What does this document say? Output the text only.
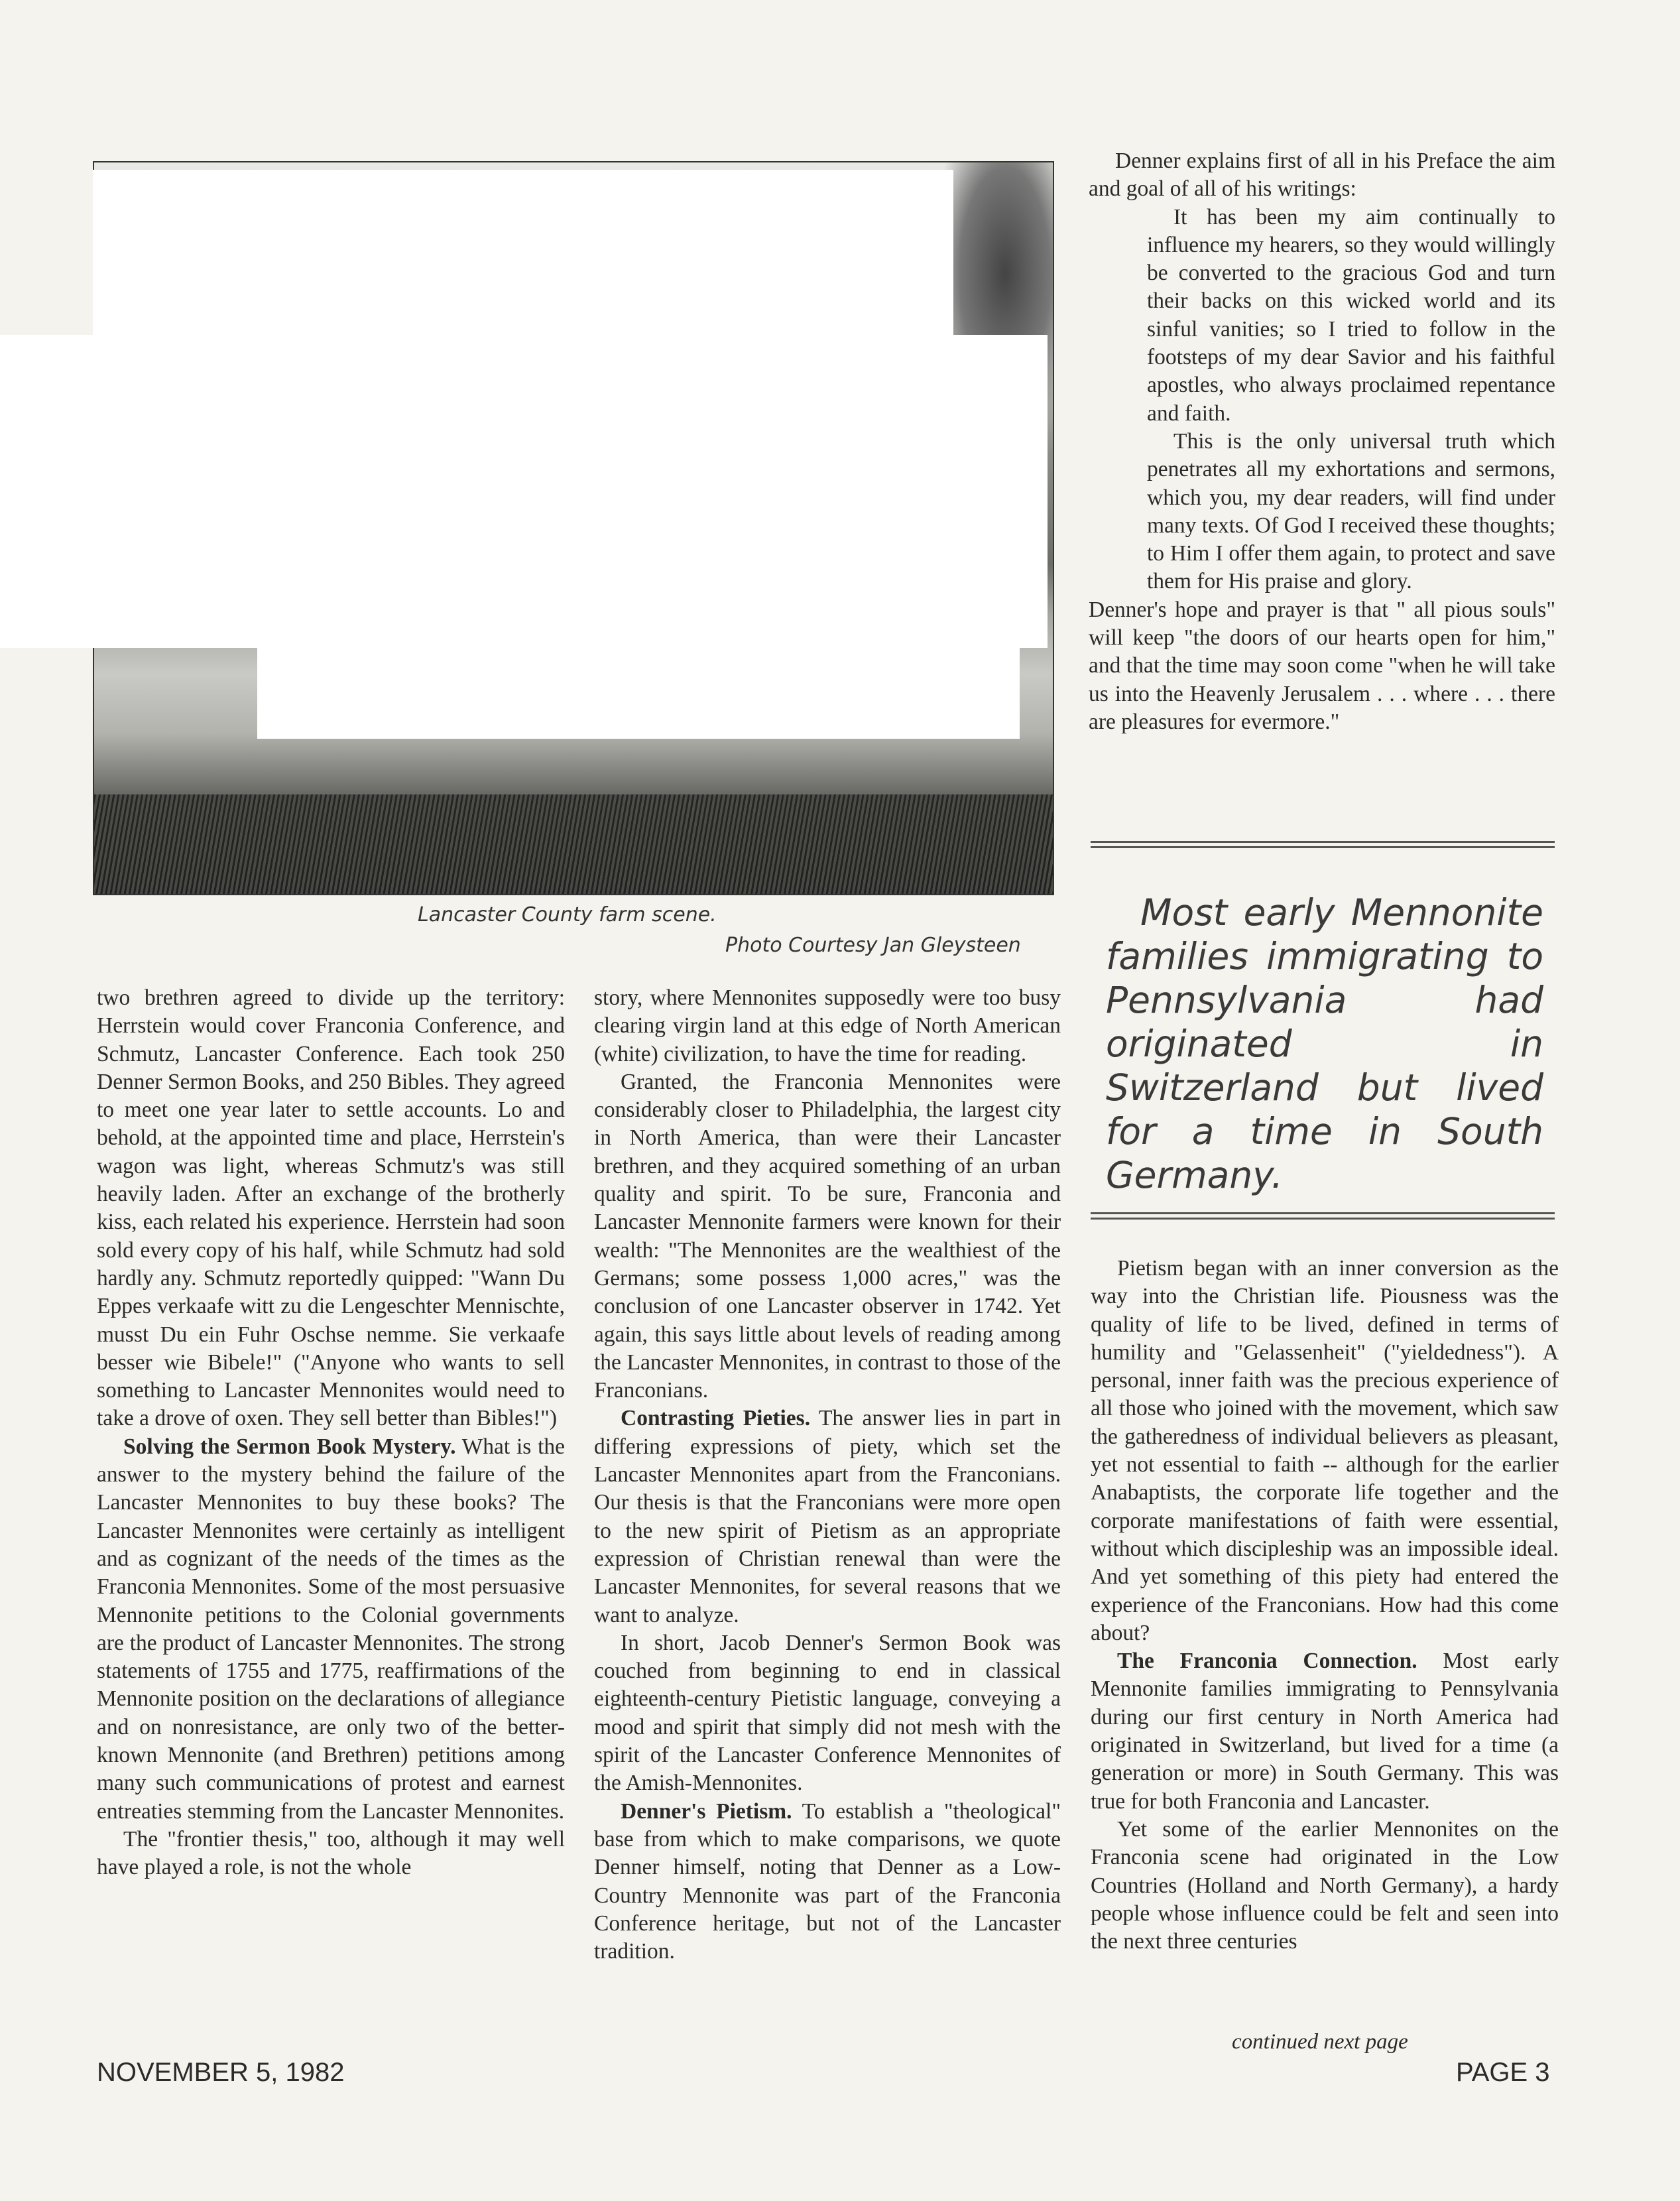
Lancaster County farm scene.
Photo Courtesy Jan Gleysteen

two brethren agreed to divide up the territory: Herrstein would cover Franconia Conference, and Schmutz, Lancaster Conference. Each took 250 Denner Sermon Books, and 250 Bibles. They agreed to meet one year later to settle accounts. Lo and behold, at the appointed time and place, Herrstein's wagon was light, whereas Schmutz's was still heavily laden. After an exchange of the brotherly kiss, each related his experience. Herrstein had soon sold every copy of his half, while Schmutz had sold hardly any. Schmutz reportedly quipped: "Wann Du Eppes verkaafe witt zu die Lengeschter Mennischte, musst Du ein Fuhr Oschse nemme. Sie verkaafe besser wie Bibele!" ("Anyone who wants to sell something to Lancaster Mennonites would need to take a drove of oxen. They sell better than Bibles!")

Solving the Sermon Book Mystery. What is the answer to the mystery behind the failure of the Lancaster Mennonites to buy these books? The Lancaster Mennonites were certainly as intelligent and as cognizant of the needs of the times as the Franconia Mennonites. Some of the most persuasive Mennonite petitions to the Colonial governments are the product of Lancaster Mennonites. The strong statements of 1755 and 1775, reaffirmations of the Mennonite position on the declarations of allegiance and on nonresistance, are only two of the better-known Mennonite (and Brethren) petitions among many such communications of protest and earnest entreaties stemming from the Lancaster Mennonites.

The "frontier thesis," too, although it may well have played a role, is not the whole

story, where Mennonites supposedly were too busy clearing virgin land at this edge of North American (white) civilization, to have the time for reading.

Granted, the Franconia Mennonites were considerably closer to Philadelphia, the largest city in North America, than were their Lancaster brethren, and they acquired something of an urban quality and spirit. To be sure, Franconia and Lancaster Mennonite farmers were known for their wealth: "The Mennonites are the wealthiest of the Germans; some possess 1,000 acres," was the conclusion of one Lancaster observer in 1742. Yet again, this says little about levels of reading among the Lancaster Mennonites, in contrast to those of the Franconians.

Contrasting Pieties. The answer lies in part in differing expressions of piety, which set the Lancaster Mennonites apart from the Franconians. Our thesis is that the Franconians were more open to the new spirit of Pietism as an appropriate expression of Christian renewal than were the Lancaster Mennonites, for several reasons that we want to analyze.

In short, Jacob Denner's Sermon Book was couched from beginning to end in classical eighteenth-century Pietistic language, conveying a mood and spirit that simply did not mesh with the spirit of the Lancaster Conference Mennonites of the Amish-Mennonites.

Denner's Pietism. To establish a "theological" base from which to make comparisons, we quote Denner himself, noting that Denner as a Low-Country Mennonite was part of the Franconia Conference heritage, but not of the Lancaster tradition.

Denner explains first of all in his Preface the aim and goal of all of his writings:

It has been my aim continually to influence my hearers, so they would willingly be converted to the gracious God and turn their backs on this wicked world and its sinful vanities; so I tried to follow in the footsteps of my dear Savior and his faithful apostles, who always proclaimed repentance and faith.

This is the only universal truth which penetrates all my exhortations and sermons, which you, my dear readers, will find under many texts. Of God I received these thoughts; to Him I offer them again, to protect and save them for His praise and glory.

Denner's hope and prayer is that " all pious souls" will keep "the doors of our hearts open for him," and that the time may soon come "when he will take us into the Heavenly Jerusalem . . . where . . . there are pleasures for evermore."

Most early Mennonite families immigrating to Pennsylvania had originated in Switzerland but lived for a time in South Germany.

Pietism began with an inner conversion as the way into the Christian life. Piousness was the quality of life to be lived, defined in terms of humility and "Gelassenheit" ("yieldedness"). A personal, inner faith was the precious experience of all those who joined with the movement, which saw the gatheredness of individual believers as pleasant, yet not essential to faith -- although for the earlier Anabaptists, the corporate life together and the corporate manifestations of faith were essential, without which discipleship was an impossible ideal. And yet something of this piety had entered the experience of the Franconians. How had this come about?

The Franconia Connection. Most early Mennonite families immigrating to Pennsylvania during our first century in North America had originated in Switzerland, but lived for a time (a generation or more) in South Germany. This was true for both Franconia and Lancaster.

Yet some of the earlier Mennonites on the Franconia scene had originated in the Low Countries (Holland and North Germany), a hardy people whose influence could be felt and seen into the next three centuries

continued next page
NOVEMBER 5, 1982	PAGE 3
